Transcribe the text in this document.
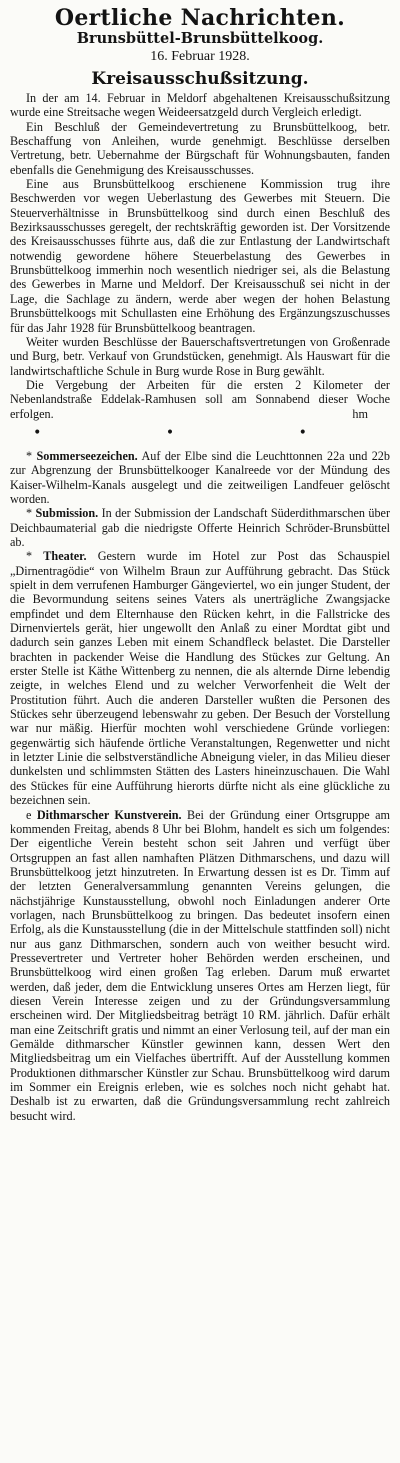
Oertliche Nachrichten.
Brunsbüttel-Brunsbüttelkoog.
16. Februar 1928.
Kreisausschußsitzung.

In der am 14. Februar in Meldorf abgehaltenen Kreisausschußsitzung wurde eine Streitsache wegen Weideersatzgeld durch Vergleich erledigt.

Ein Beschluß der Gemeindevertretung zu Brunsbüttelkoog, betr. Beschaffung von Anleihen, wurde genehmigt. Beschlüsse derselben Vertretung, betr. Uebernahme der Bürgschaft für Wohnungsbauten, fanden ebenfalls die Genehmigung des Kreisausschusses.

Eine aus Brunsbüttelkoog erschienene Kommission trug ihre Beschwerden vor wegen Ueberlastung des Gewerbes mit Steuern. Die Steuerverhältnisse in Brunsbüttelkoog sind durch einen Beschluß des Bezirksausschusses geregelt, der rechtskräftig geworden ist. Der Vorsitzende des Kreisausschusses führte aus, daß die zur Entlastung der Landwirtschaft notwendig gewordene höhere Steuerbelastung des Gewerbes in Brunsbüttelkoog immerhin noch wesentlich niedriger sei, als die Belastung des Gewerbes in Marne und Meldorf. Der Kreisausschuß sei nicht in der Lage, die Sachlage zu ändern, werde aber wegen der hohen Belastung Brunsbüttelkoogs mit Schullasten eine Erhöhung des Ergänzungszuschusses für das Jahr 1928 für Brunsbüttelkoog beantragen.

Weiter wurden Beschlüsse der Bauerschaftsvertretungen von Großenrade und Burg, betr. Verkauf von Grundstücken, genehmigt. Als Hauswart für die landwirtschaftliche Schule in Burg wurde Rose in Burg gewählt.

Die Vergebung der Arbeiten für die ersten 2 Kilometer der Nebenlandstraße Eddelak-Ramhusen soll am Sonnabend dieser Woche erfolgen.	hm
• • •

* Sommerseezeichen. Auf der Elbe sind die Leuchttonnen 22a und 22b zur Abgrenzung der Brunsbüttelkooger Kanalreede vor der Mündung des Kaiser-Wilhelm-Kanals ausgelegt und die zeitweiligen Landfeuer gelöscht worden.

* Submission. In der Submission der Landschaft Süderdithmarschen über Deichbaumaterial gab die niedrigste Offerte Heinrich Schröder-Brunsbüttel ab.

* Theater. Gestern wurde im Hotel zur Post das Schauspiel „Dirnentragödie“ von Wilhelm Braun zur Aufführung gebracht. Das Stück spielt in dem verrufenen Hamburger Gängeviertel, wo ein junger Student, der die Bevormundung seitens seines Vaters als unerträgliche Zwangsjacke empfindet und dem Elternhause den Rücken kehrt, in die Fallstricke des Dirnenviertels gerät, hier ungewollt den Anlaß zu einer Mordtat gibt und dadurch sein ganzes Leben mit einem Schandfleck belastet. Die Darsteller brachten in packender Weise die Handlung des Stückes zur Geltung. An erster Stelle ist Käthe Wittenberg zu nennen, die als alternde Dirne lebendig zeigte, in welches Elend und zu welcher Verworfenheit die Welt der Prostitution führt. Auch die anderen Darsteller wußten die Personen des Stückes sehr überzeugend lebenswahr zu geben. Der Besuch der Vorstellung war nur mäßig. Hierfür mochten wohl verschiedene Gründe vorliegen: gegenwärtig sich häufende örtliche Veranstaltungen, Regenwetter und nicht in letzter Linie die selbstverständliche Abneigung vieler, in das Milieu dieser dunkelsten und schlimmsten Stätten des Lasters hineinzuschauen. Die Wahl des Stückes für eine Aufführung hierorts dürfte nicht als eine glückliche zu bezeichnen sein.

e Dithmarscher Kunstverein. Bei der Gründung einer Ortsgruppe am kommenden Freitag, abends 8 Uhr bei Blohm, handelt es sich um folgendes: Der eigentliche Verein besteht schon seit Jahren und verfügt über Ortsgruppen an fast allen namhaften Plätzen Dithmarschens, und dazu will Brunsbüttelkoog jetzt hinzutreten. In Erwartung dessen ist es Dr. Timm auf der letzten Generalversammlung genannten Vereins gelungen, die nächstjährige Kunstausstellung, obwohl noch Einladungen anderer Orte vorlagen, nach Brunsbüttelkoog zu bringen. Das bedeutet insofern einen Erfolg, als die Kunstausstellung (die in der Mittelschule stattfinden soll) nicht nur aus ganz Dithmarschen, sondern auch von weither besucht wird. Pressevertreter und Vertreter hoher Behörden werden erscheinen, und Brunsbüttelkoog wird einen großen Tag erleben. Darum muß erwartet werden, daß jeder, dem die Entwicklung unseres Ortes am Herzen liegt, für diesen Verein Interesse zeigen und zu der Gründungsversammlung erscheinen wird. Der Mitgliedsbeitrag beträgt 10 RM. jährlich. Dafür erhält man eine Zeitschrift gratis und nimmt an einer Verlosung teil, auf der man ein Gemälde dithmarscher Künstler gewinnen kann, dessen Wert den Mitgliedsbeitrag um ein Vielfaches übertrifft. Auf der Ausstellung kommen Produktionen dithmarscher Künstler zur Schau. Brunsbüttelkoog wird darum im Sommer ein Ereignis erleben, wie es solches noch nicht gehabt hat. Deshalb ist zu erwarten, daß die Gründungsversammlung recht zahlreich besucht wird.
